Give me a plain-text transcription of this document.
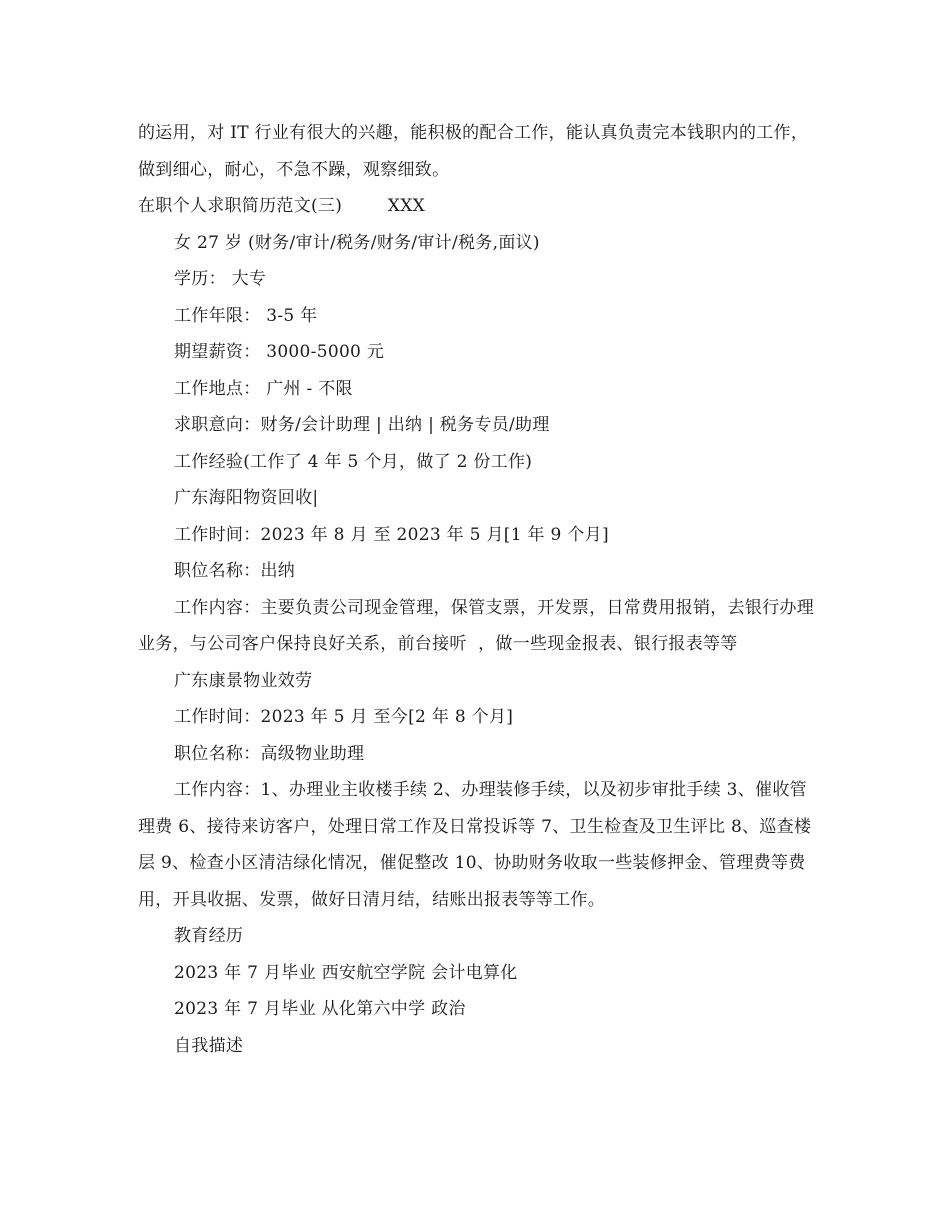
的运用，对 IT 行业有很大的兴趣，能积极的配合工作，能认真负责完本钱职内的工作，做到细心，耐心，不急不躁，观察细致。

在职个人求职简历范文(三)        XXX

女 27 岁 (财务/审计/税务/财务/审计/税务,面议)

学历： 大专

工作年限： 3-5 年

期望薪资： 3000-5000 元

工作地点： 广州 - 不限

求职意向：财务/会计助理 | 出纳 | 税务专员/助理

工作经验(工作了 4 年 5 个月，做了 2 份工作)

广东海阳物资回收|

工作时间：2023 年 8 月 至 2023 年 5 月[1 年 9 个月]

职位名称：出纳

工作内容：主要负责公司现金管理，保管支票，开发票，日常费用报销，去银行办理业务，与公司客户保持良好关系，前台接听  ，做一些现金报表、银行报表等等

广东康景物业效劳

工作时间：2023 年 5 月 至今[2 年 8 个月]

职位名称：高级物业助理

工作内容：1、办理业主收楼手续 2、办理装修手续，以及初步审批手续 3、催收管理费 6、接待来访客户，处理日常工作及日常投诉等 7、卫生检查及卫生评比 8、巡查楼层 9、检查小区清洁绿化情况，催促整改 10、协助财务收取一些装修押金、管理费等费用，开具收据、发票，做好日清月结，结账出报表等等工作。

教育经历

2023 年 7 月毕业 西安航空学院 会计电算化

2023 年 7 月毕业 从化第六中学 政治

自我描述
